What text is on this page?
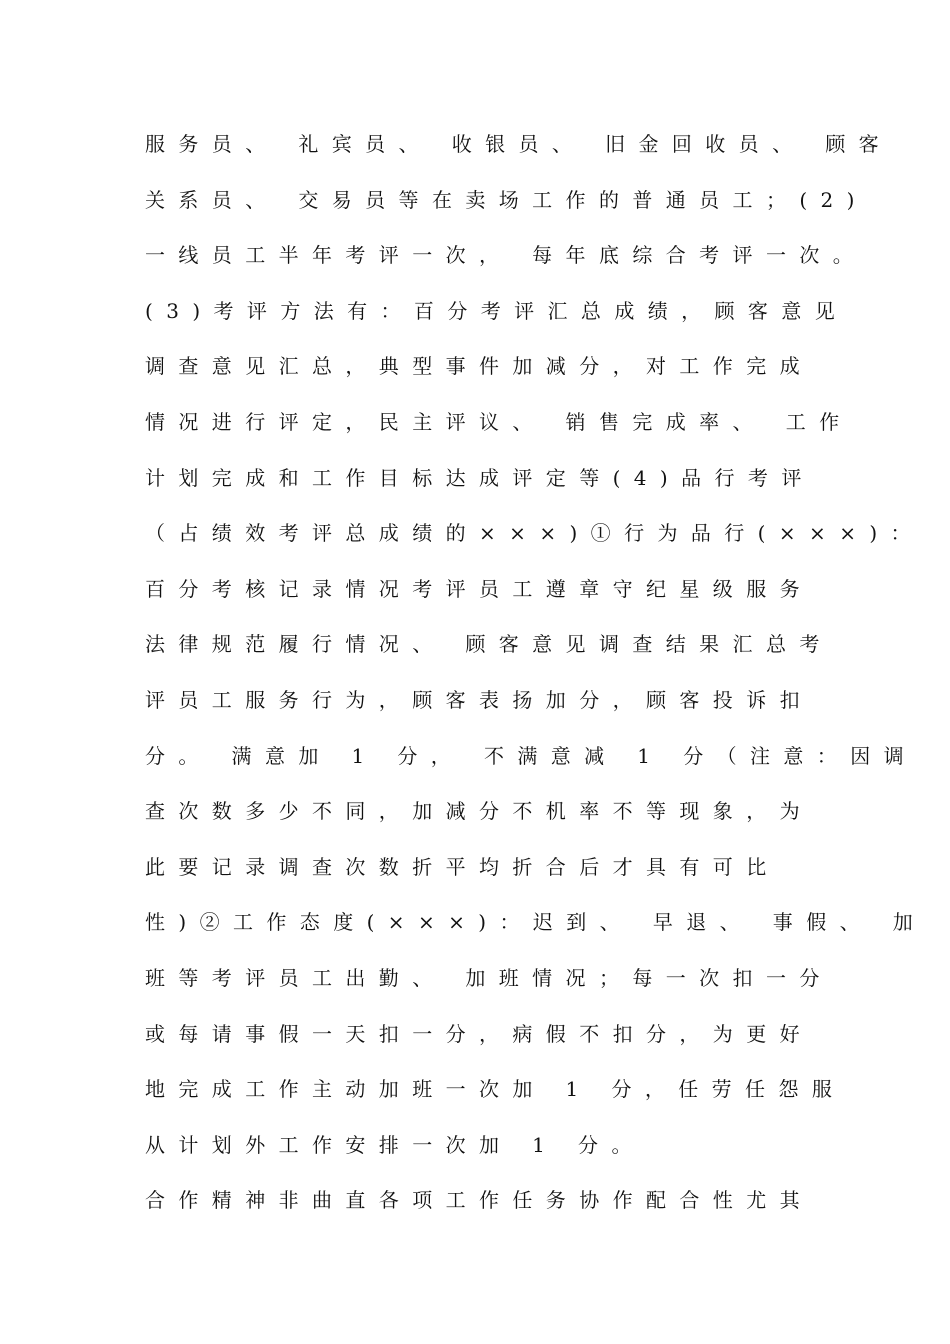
服务员、 礼宾员、 收银员、 旧金回收员、 顾客
关系员、 交易员等在卖场工作的普通员工；(2)
一线员工半年考评一次， 每年底综合考评一次。
(3)考评方法有：百分考评汇总成绩，顾客意见
调查意见汇总，典型事件加减分，对工作完成
情况进行评定，民主评议、 销售完成率、 工作
计划完成和工作目标达成评定等(4)品行考评
（占绩效考评总成绩的×××)①行为品行(×××)：
百分考核记录情况考评员工遵章守纪星级服务
法律规范履行情况、 顾客意见调查结果汇总考
评员工服务行为，顾客表扬加分，顾客投诉扣
分。 满意加 1 分， 不满意减 1 分（注意：因调
查次数多少不同，加减分不机率不等现象，为
此要记录调查次数折平均折合后才具有可比
性)②工作态度(×××)：迟到、 早退、 事假、 加
班等考评员工出勤、 加班情况；每一次扣一分
或每请事假一天扣一分，病假不扣分，为更好
地完成工作主动加班一次加 1 分，任劳任怨服
从计划外工作安排一次加 1 分。
合作精神非曲直各项工作任务协作配合性尤其
